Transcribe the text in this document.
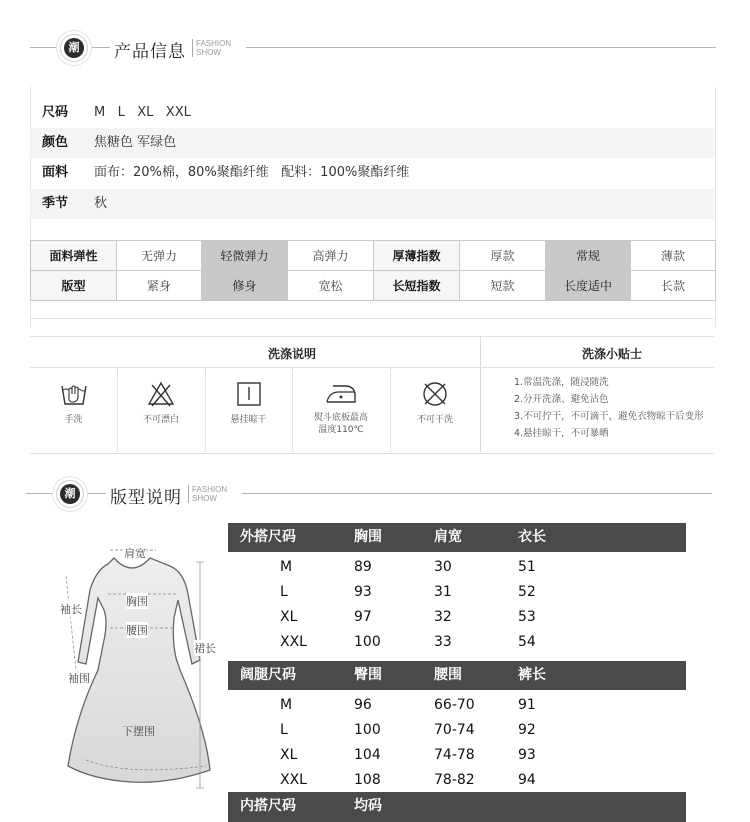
潮 产品信息 FASHION
SHOW
尺码 M   L   XL   XXL
颜色 焦糖色 军绿色
面料 面布：20%棉，80%聚酯纤维   配料：100%聚酯纤维
季节 秋
面料弹性	无弹力	轻微弹力	高弹力	厚薄指数	厚款	常规	薄款
版型	紧身	修身	宽松	长短指数	短款	长度适中	长款
洗涤说明	洗涤小贴士
手洗	不可漂白	悬挂晾干	熨斗底板最高
温度110℃
不可干洗
1.常温洗涤，随浸随洗
2.分开洗涤、避免沾色
3.不可拧干，不可滴干，避免衣物晾干后变形
4.悬挂晾干，不可暴晒
潮 版型说明 FASHION
SHOW
肩宽
胸围
腰围
袖长
袖围
裙长
下摆围
外搭尺码	胸围	肩宽	衣长
M	89	30	51
L	93	31	52
XL	97	32	53
XXL	100	33	54
阔腿尺码	臀围	腰围	裤长
M	96	66-70	91
L	100	70-74	92
XL	104	74-78	93
XXL	108	78-82	94
内搭尺码	均码
